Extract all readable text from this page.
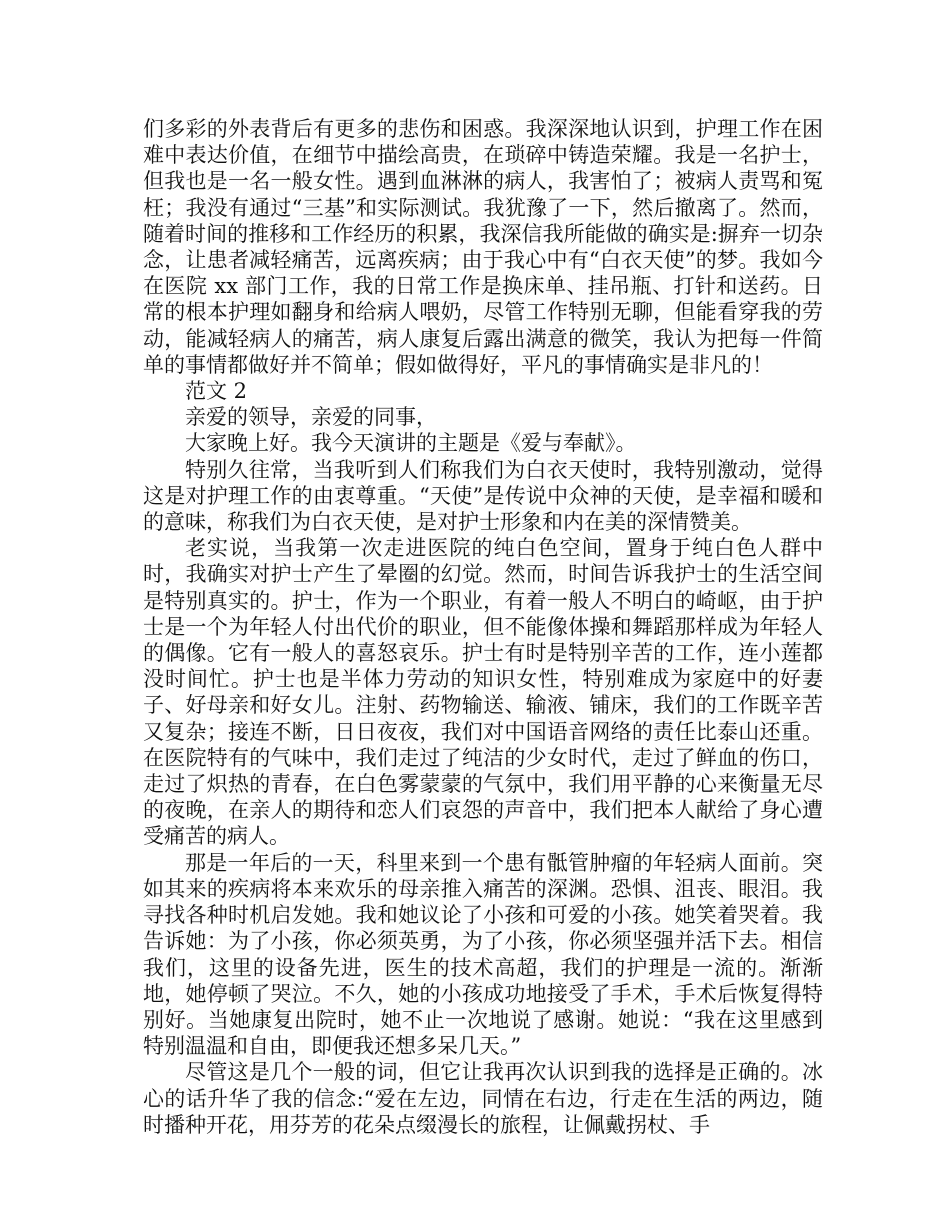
们多彩的外表背后有更多的悲伤和困惑。我深深地认识到，护理工作在困难中表达价值，在细节中描绘高贵，在琐碎中铸造荣耀。我是一名护士，但我也是一名一般女性。遇到血淋淋的病人，我害怕了；被病人责骂和冤枉；我没有通过“三基”和实际测试。我犹豫了一下，然后撤离了。然而，随着时间的推移和工作经历的积累，我深信我所能做的确实是:摒弃一切杂念，让患者减轻痛苦，远离疾病；由于我心中有“白衣天使”的梦。我如今在医院 xx 部门工作，我的日常工作是换床单、挂吊瓶、打针和送药。日常的根本护理如翻身和给病人喂奶，尽管工作特别无聊，但能看穿我的劳动，能减轻病人的痛苦，病人康复后露出满意的微笑，我认为把每一件简单的事情都做好并不简单；假如做得好，平凡的事情确实是非凡的！

范文 2

亲爱的领导，亲爱的同事，

大家晚上好。我今天演讲的主题是《爱与奉献》。

特别久往常，当我听到人们称我们为白衣天使时，我特别激动，觉得这是对护理工作的由衷尊重。“天使”是传说中众神的天使，是幸福和暖和的意味，称我们为白衣天使，是对护士形象和内在美的深情赞美。

老实说，当我第一次走进医院的纯白色空间，置身于纯白色人群中时，我确实对护士产生了晕圈的幻觉。然而，时间告诉我护士的生活空间是特别真实的。护士，作为一个职业，有着一般人不明白的崎岖，由于护士是一个为年轻人付出代价的职业，但不能像体操和舞蹈那样成为年轻人的偶像。它有一般人的喜怒哀乐。护士有时是特别辛苦的工作，连小莲都没时间忙。护士也是半体力劳动的知识女性，特别难成为家庭中的好妻子、好母亲和好女儿。注射、药物输送、输液、铺床，我们的工作既辛苦又复杂；接连不断，日日夜夜，我们对中国语音网络的责任比泰山还重。在医院特有的气味中，我们走过了纯洁的少女时代，走过了鲜血的伤口，走过了炽热的青春，在白色雾蒙蒙的气氛中，我们用平静的心来衡量无尽的夜晚，在亲人的期待和恋人们哀怨的声音中，我们把本人献给了身心遭受痛苦的病人。

那是一年后的一天，科里来到一个患有骶管肿瘤的年轻病人面前。突如其来的疾病将本来欢乐的母亲推入痛苦的深渊。恐惧、沮丧、眼泪。我寻找各种时机启发她。我和她议论了小孩和可爱的小孩。她笑着哭着。我告诉她：为了小孩，你必须英勇，为了小孩，你必须坚强并活下去。相信我们，这里的设备先进，医生的技术高超，我们的护理是一流的。渐渐地，她停顿了哭泣。不久，她的小孩成功地接受了手术，手术后恢复得特别好。当她康复出院时，她不止一次地说了感谢。她说：“我在这里感到特别温温和自由，即便我还想多呆几天。”

尽管这是几个一般的词，但它让我再次认识到我的选择是正确的。冰心的话升华了我的信念:“爱在左边，同情在右边，行走在生活的两边，随时播种开花，用芬芳的花朵点缀漫长的旅程，让佩戴拐杖、手
